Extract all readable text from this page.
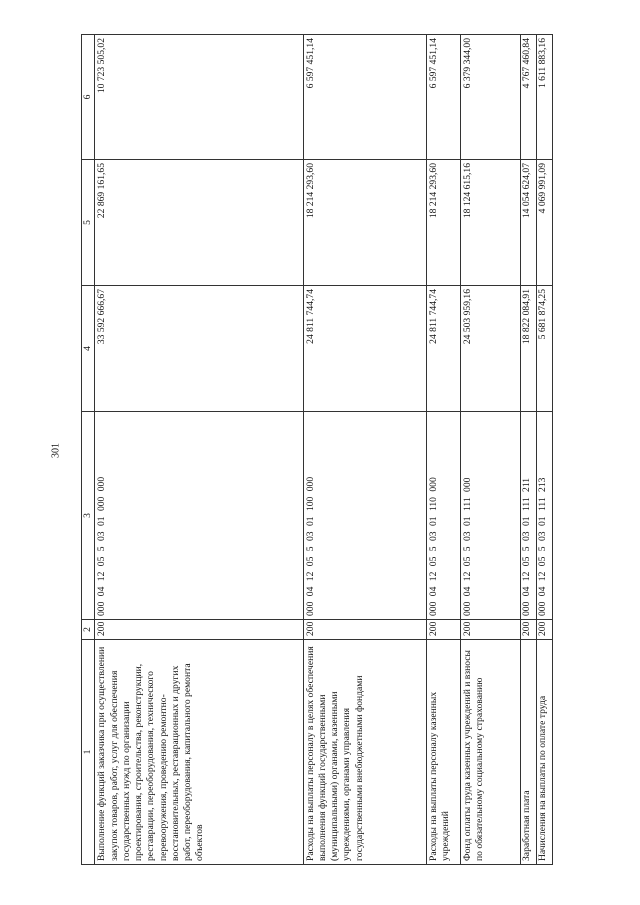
301
1	2	3	4	5	6
Выполнение функций заказчика при осуществлении закупок товаров, работ, услуг для обеспечения государственных нужд по организации проектирования, строительства, реконструкции, реставрации, переоборудования, технического перевооружения, проведению ремонтно-восстановительных, реставрационных и других работ, переоборудования, капитального ремонта объектов	200	000 04 12 05 5 03 01 000 000	33 592 666,67	22 869 161,65	10 723 505,02
Расходы на выплаты персоналу в целях обеспечения выполнения функций государственными (муниципальными) органами, казенными учреждениями, органами управления государственными внебюджетными фондами	200	000 04 12 05 5 03 01 100 000	24 811 744,74	18 214 293,60	6 597 451,14
Расходы на выплаты персоналу казенных учреждений	200	000 04 12 05 5 03 01 110 000	24 811 744,74	18 214 293,60	6 597 451,14
Фонд оплаты труда казенных учреждений и взносы по обязательному социальному страхованию	200	000 04 12 05 5 03 01 111 000	24 503 959,16	18 124 615,16	6 379 344,00
Заработная плата	200	000 04 12 05 5 03 01 111 211	18 822 084,91	14 054 624,07	4 767 460,84
Начисления на выплаты по оплате труда	200	000 04 12 05 5 03 01 111 213	5 681 874,25	4 069 991,09	1 611 883,16
